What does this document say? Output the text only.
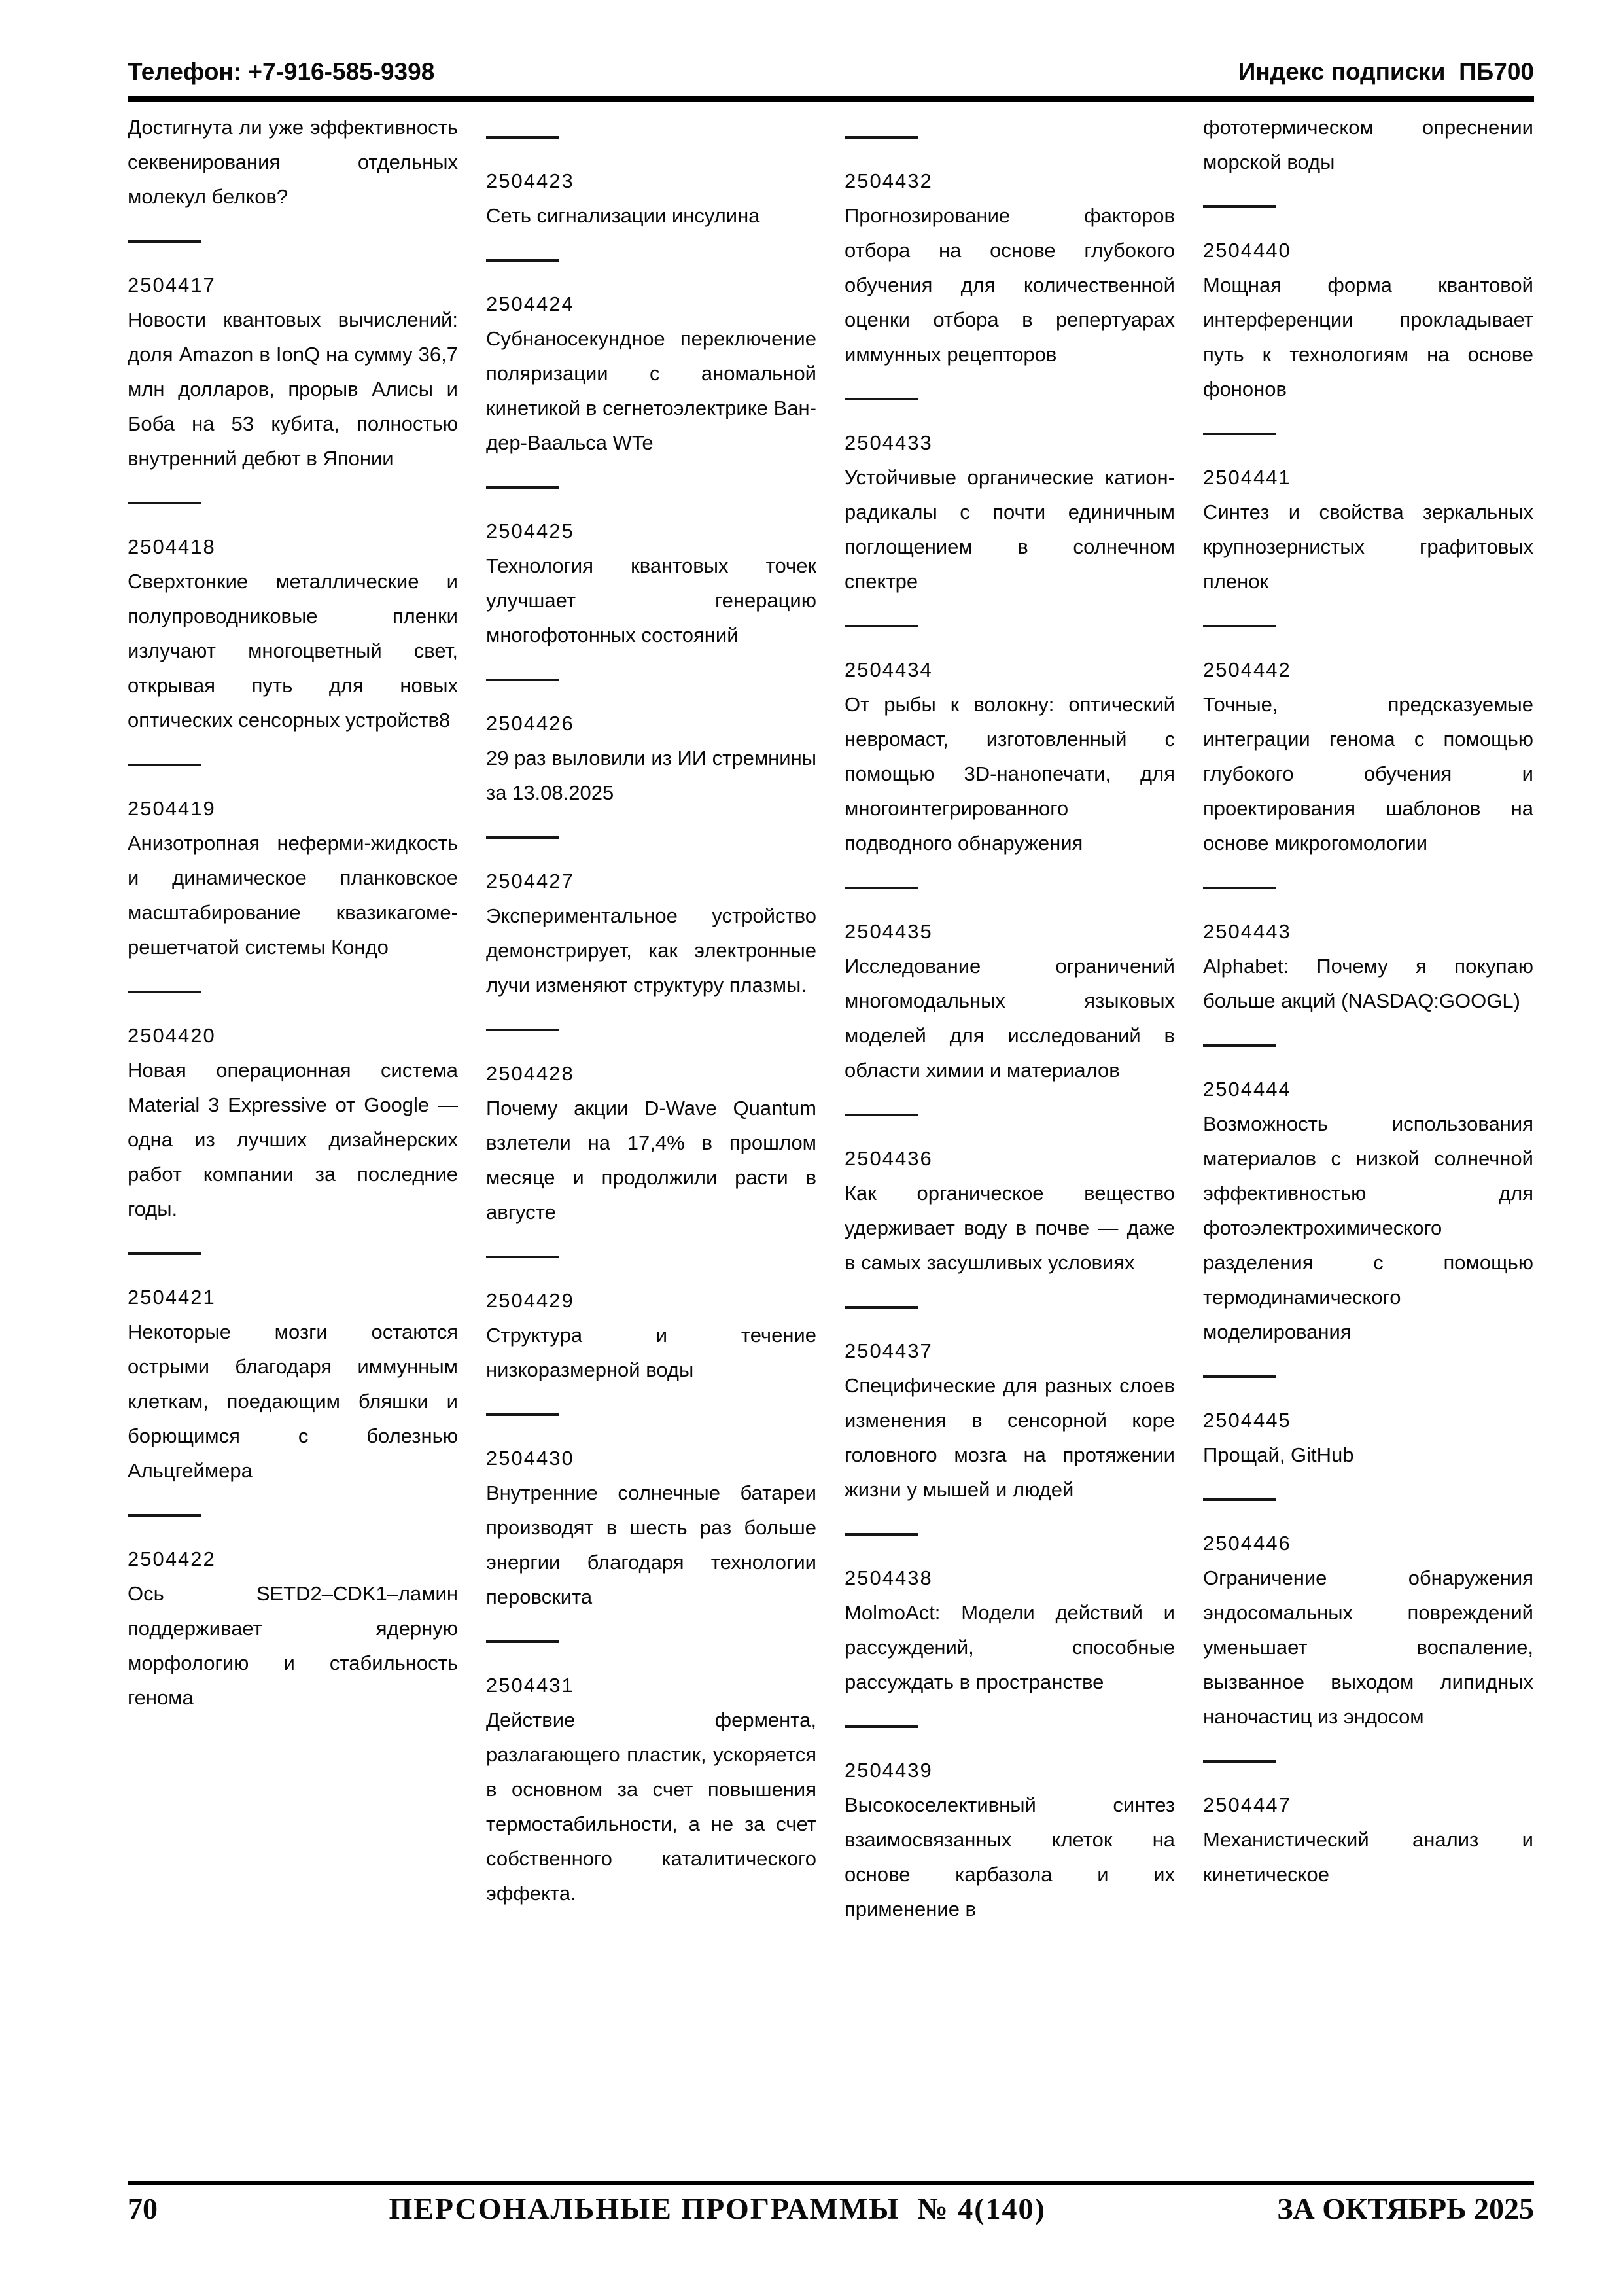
Телефон: +7-916-585-9398	Индекс подписки  ПБ700

Достигнута ли уже эффективность секвенирования отдельных молекул белков?

2504417

Новости квантовых вычислений: доля Amazon в IonQ на сумму 36,7 млн долларов, прорыв Алисы и Боба на 53 кубита, полностью внутренний дебют в Японии

2504418

Сверхтонкие металлические и полупроводниковые пленки излучают многоцветный свет, открывая путь для новых оптических сенсорных устройств8

2504419

Анизотропная неферми-жидкость и динамическое планковское масштабирование квазикагоме-решетчатой системы Кондо

2504420

Новая операционная система Material 3 Expressive от Google — одна из лучших дизайнерских работ компании за последние годы.

2504421

Некоторые мозги остаются острыми благодаря иммунным клеткам, поедающим бляшки и борющимся с болезнью Альцгеймера

2504422

Ось SETD2–CDK1–ламин поддерживает ядерную морфологию и стабильность генома

2504423

Сеть сигнализации инсулина

2504424

Субнаносекундное переключение поляризации с аномальной кинетикой в сегнетоэлектрике Ван-дер-Ваальса WTe

2504425

Технология квантовых точек улучшает генерацию многофотонных состояний

2504426

29 раз выловили из ИИ стремнины за 13.08.2025

2504427

Экспериментальное устройство демонстрирует, как электронные лучи изменяют структуру плазмы.

2504428

Почему акции D-Wave Quantum взлетели на 17,4% в прошлом месяце и продолжили расти в августе

2504429

Структура и течение низкоразмерной воды

2504430

Внутренние солнечные батареи производят в шесть раз больше энергии благодаря технологии перовскита

2504431

Действие фермента, разлагающего пластик, ускоряется в основном за счет повышения термостабильности, а не за счет собственного каталитического эффекта.

2504432

Прогнозирование факторов отбора на основе глубокого обучения для количественной оценки отбора в репертуарах иммунных рецепторов

2504433

Устойчивые органические катион-радикалы с почти единичным поглощением в солнечном спектре

2504434

От рыбы к волокну: оптический невромаст, изготовленный с помощью 3D-нанопечати, для многоинтегрированного подводного обнаружения

2504435

Исследование ограничений многомодальных языковых моделей для исследований в области химии и материалов

2504436

Как органическое вещество удерживает воду в почве — даже в самых засушливых условиях

2504437

Специфические для разных слоев изменения в сенсорной коре головного мозга на протяжении жизни у мышей и людей

2504438

MolmoAct: Модели действий и рассуждений, способные рассуждать в пространстве

2504439

Высокоселективный синтез взаимосвязанных клеток на основе карбазола и их применение в

фототермическом опреснении морской воды

2504440

Мощная форма квантовой интерференции прокладывает путь к технологиям на основе фононов

2504441

Синтез и свойства зеркальных крупнозернистых графитовых пленок

2504442

Точные, предсказуемые интеграции генома с помощью глубокого обучения и проектирования шаблонов на основе микрогомологии

2504443

Alphabet: Почему я покупаю больше акций (NASDAQ:GOOGL)

2504444

Возможность использования материалов с низкой солнечной эффективностью для фотоэлектрохимического разделения с помощью термодинамического моделирования

2504445

Прощай, GitHub

2504446

Ограничение обнаружения эндосомальных повреждений уменьшает воспаление, вызванное выходом липидных наночастиц из эндосом

2504447

Механистический анализ и кинетическое

70	ПЕРСОНАЛЬНЫЕ ПРОГРАММЫ  № 4(140)	ЗА ОКТЯБРЬ 2025
